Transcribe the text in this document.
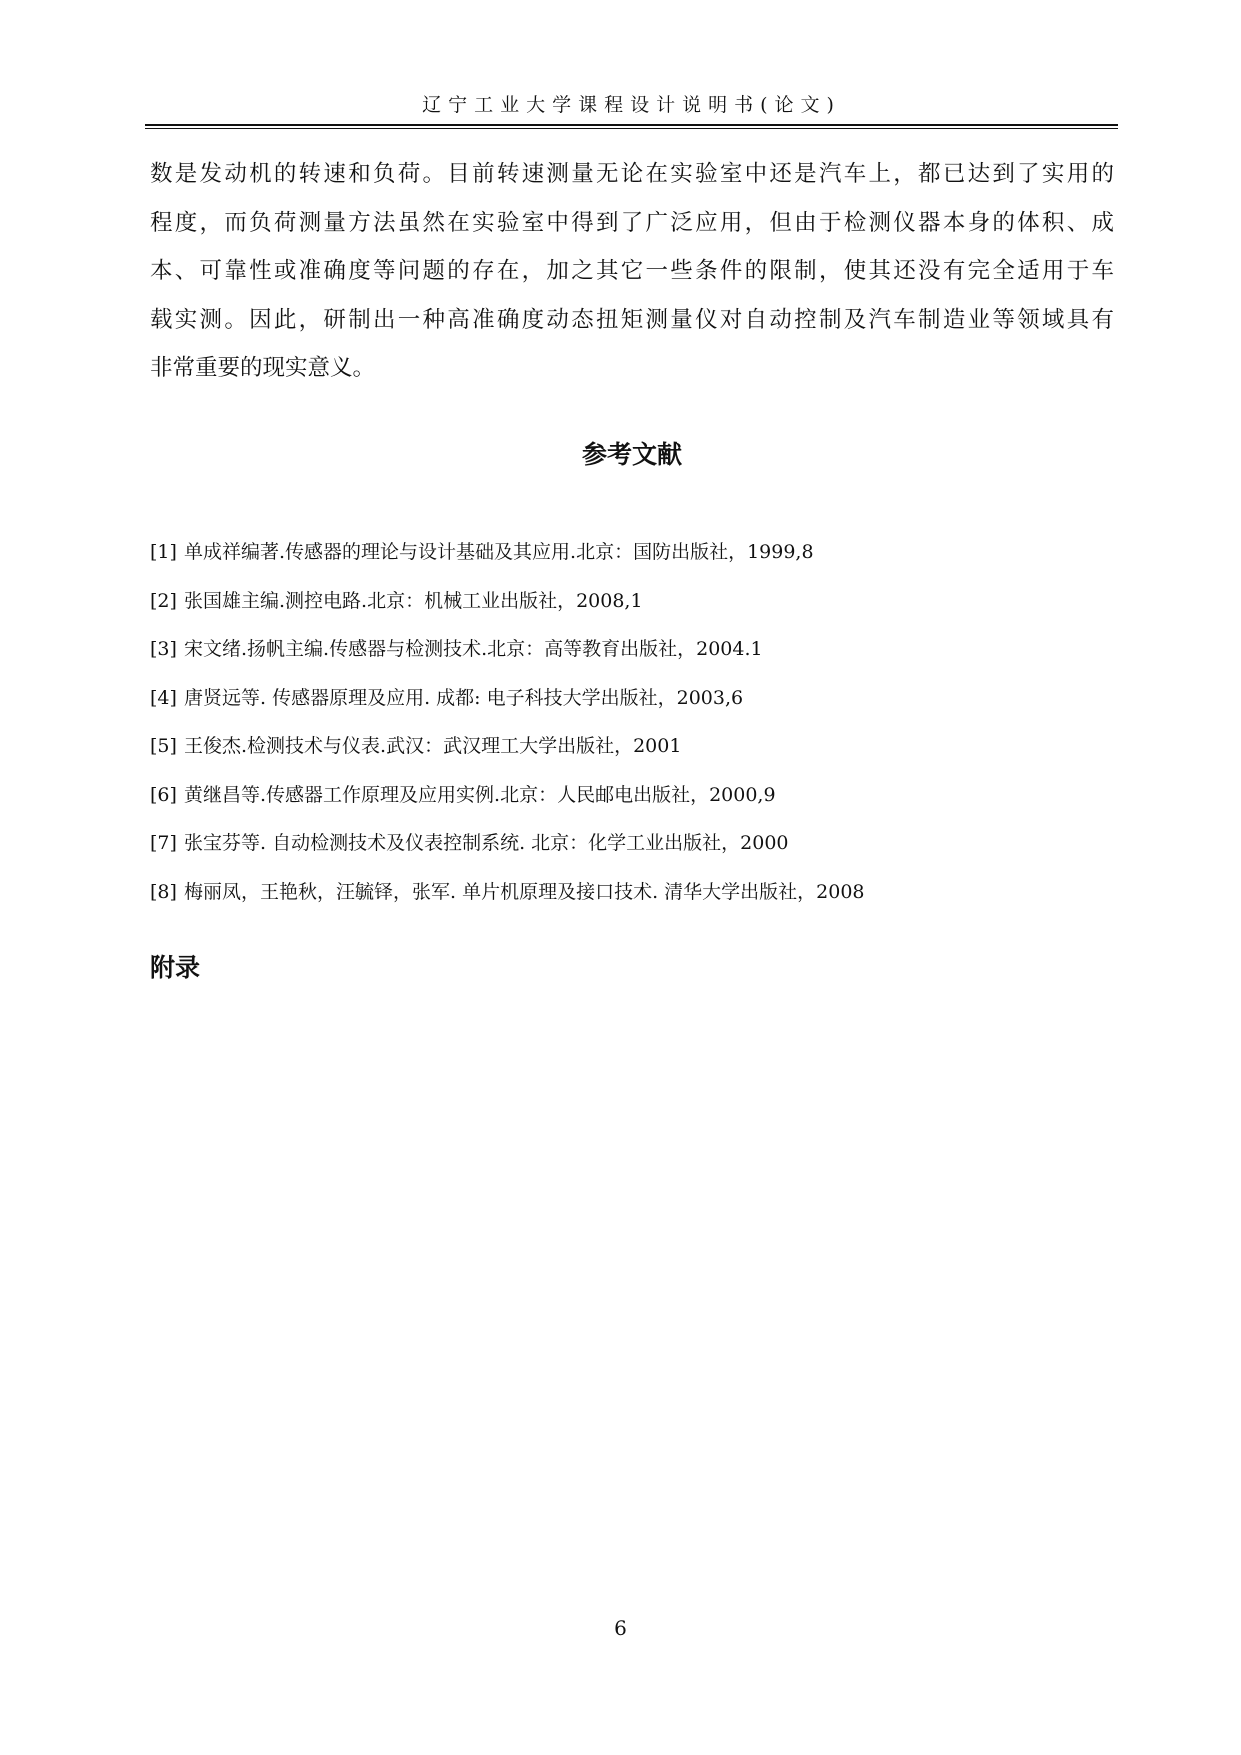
辽宁工业大学课程设计说明书(论文)

数是发动机的转速和负荷。目前转速测量无论在实验室中还是汽车上，都已达到了实用的
程度，而负荷测量方法虽然在实验室中得到了广泛应用，但由于检测仪器本身的体积、成
本、可靠性或准确度等问题的存在，加之其它一些条件的限制，使其还没有完全适用于车
载实测。因此，研制出一种高准确度动态扭矩测量仪对自动控制及汽车制造业等领域具有
非常重要的现实意义。

参考文献
[1] 单成祥编著.传感器的理论与设计基础及其应用.北京：国防出版社，1999,8
[2] 张国雄主编.测控电路.北京：机械工业出版社，2008,1
[3] 宋文绪.扬帆主编.传感器与检测技术.北京：高等教育出版社，2004.1
[4] 唐贤远等. 传感器原理及应用. 成都: 电子科技大学出版社，2003,6
[5] 王俊杰.检测技术与仪表.武汉：武汉理工大学出版社，2001
[6] 黄继昌等.传感器工作原理及应用实例.北京：人民邮电出版社，2000,9
[7] 张宝芬等. 自动检测技术及仪表控制系统. 北京：化学工业出版社，2000
[8] 梅丽凤，王艳秋，汪毓铎，张军. 单片机原理及接口技术. 清华大学出版社，2008
附录
6
